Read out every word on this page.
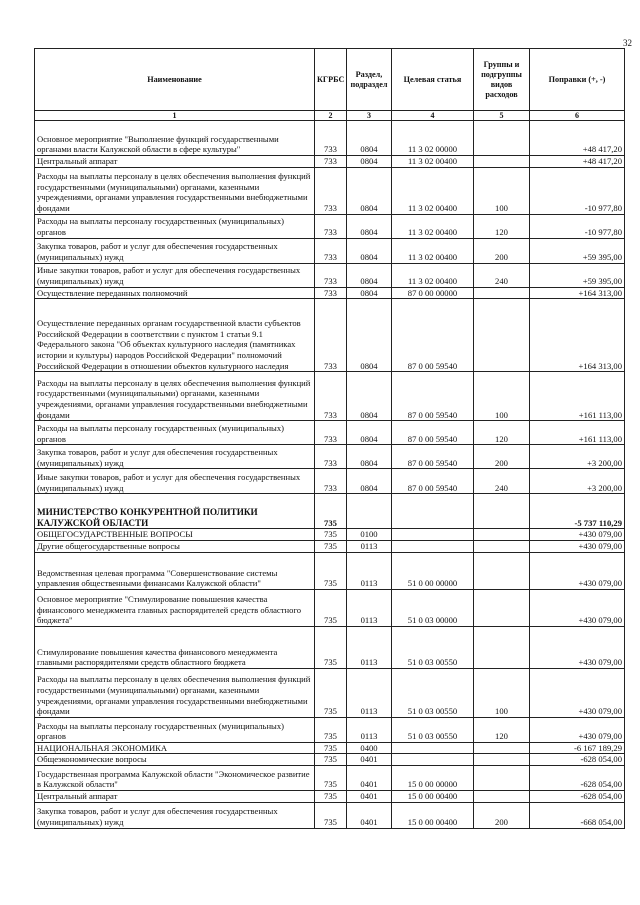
32
Наименование	КГРБС	Раздел, подраздел	Целевая статья	Группы и подгруппы видов расходов	Поправки (+, -)
1	2	3	4	5	6
Основное мероприятие "Выполнение функций государственными органами власти Калужской области в сфере культуры"	733	0804	11 3 02 00000		+48 417,20
Центральный аппарат	733	0804	11 3 02 00400		+48 417,20
Расходы на выплаты персоналу в целях обеспечения выполнения функций государственными (муниципальными) органами, казенными учреждениями, органами управления государственными внебюджетными фондами	733	0804	11 3 02 00400	100	-10 977,80
Расходы на выплаты персоналу государственных (муниципальных) органов	733	0804	11 3 02 00400	120	-10 977,80
Закупка товаров, работ и услуг для обеспечения государственных (муниципальных) нужд	733	0804	11 3 02 00400	200	+59 395,00
Иные закупки товаров, работ и услуг для обеспечения государственных (муниципальных) нужд	733	0804	11 3 02 00400	240	+59 395,00
Осуществление переданных полномочий	733	0804	87 0 00 00000		+164 313,00
Осуществление переданных органам государственной власти субъектов Российской Федерации в соответствии с пунктом 1 статьи 9.1 Федерального закона "Об объектах культурного наследия (памятниках истории и культуры) народов Российской Федерации" полномочий Российской Федерации в отношении объектов культурного наследия	733	0804	87 0 00 59540		+164 313,00
Расходы на выплаты персоналу в целях обеспечения выполнения функций государственными (муниципальными) органами, казенными учреждениями, органами управления государственными внебюджетными фондами	733	0804	87 0 00 59540	100	+161 113,00
Расходы на выплаты персоналу государственных (муниципальных) органов	733	0804	87 0 00 59540	120	+161 113,00
Закупка товаров, работ и услуг для обеспечения государственных (муниципальных) нужд	733	0804	87 0 00 59540	200	+3 200,00
Иные закупки товаров, работ и услуг для обеспечения государственных (муниципальных) нужд	733	0804	87 0 00 59540	240	+3 200,00
МИНИСТЕРСТВО КОНКУРЕНТНОЙ ПОЛИТИКИ КАЛУЖСКОЙ ОБЛАСТИ	735				-5 737 110,29
ОБЩЕГОСУДАРСТВЕННЫЕ ВОПРОСЫ	735	0100			+430 079,00
Другие общегосударственные вопросы	735	0113			+430 079,00
Ведомственная целевая программа "Совершенствование системы управления общественными финансами Калужской области"	735	0113	51 0 00 00000		+430 079,00
Основное мероприятие "Стимулирование повышения качества финансового менеджмента главных распорядителей средств областного бюджета"	735	0113	51 0 03 00000		+430 079,00
Стимулирование повышения качества финансового менеджмента главными распорядителями средств областного бюджета	735	0113	51 0 03 00550		+430 079,00
Расходы на выплаты персоналу в целях обеспечения выполнения функций государственными (муниципальными) органами, казенными учреждениями, органами управления государственными внебюджетными фондами	735	0113	51 0 03 00550	100	+430 079,00
Расходы на выплаты персоналу государственных (муниципальных) органов	735	0113	51 0 03 00550	120	+430 079,00
НАЦИОНАЛЬНАЯ ЭКОНОМИКА	735	0400			-6 167 189,29
Общеэкономические вопросы	735	0401			-628 054,00
Государственная программа Калужской области "Экономическое развитие в Калужской области"	735	0401	15 0 00 00000		-628 054,00
Центральный аппарат	735	0401	15 0 00 00400		-628 054,00
Закупка товаров, работ и услуг для обеспечения государственных (муниципальных) нужд	735	0401	15 0 00 00400	200	-668 054,00
